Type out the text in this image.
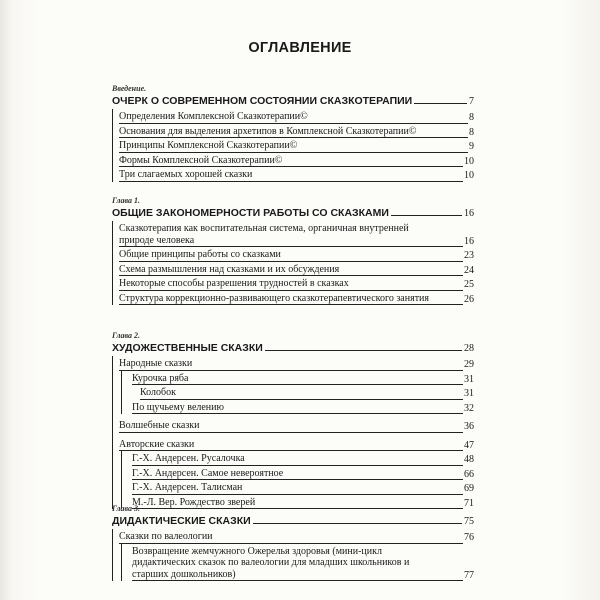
ОГЛАВЛЕНИЕ
Введение.
ОЧЕРК О СОВРЕМЕННОМ СОСТОЯНИИ СКАЗКОТЕРАПИИ	7
Определения Комплексной Сказкотерапии©	8
Основания для выделения архетипов в Комплексной Сказкотерапии©	8
Принципы Комплексной Сказкотерапии©	9
Формы Комплексной Сказкотерапии©	10
Три слагаемых хорошей сказки	10
Глава 1.
ОБЩИЕ ЗАКОНОМЕРНОСТИ РАБОТЫ СО СКАЗКАМИ	16
Сказкотерапия как воспитательная система, органичная внутренней природе человека	16
Общие принципы работы со сказками	23
Схема размышления над сказками и их обсуждения	24
Некоторые способы разрешения трудностей в сказках	25
Структура коррекционно-развивающего сказкотерапевтического занятия	26
Глава 2.
ХУДОЖЕСТВЕННЫЕ СКАЗКИ	28
Народные сказки	29
Курочка ряба	31
Колобок	31
По щучьему велению	32
Волшебные сказки	36
Авторские сказки	47
Г.-Х. Андерсен. Русалочка	48
Г.-Х. Андерсен. Самое невероятное	66
Г.-Х. Андерсен. Талисман	69
М.-Л. Вер. Рождество зверей	71
Глава 3.
ДИДАКТИЧЕСКИЕ СКАЗКИ	75
Сказки по валеологии	76
Возвращение жемчужного Ожерелья здоровья (мини-цикл дидактических сказок по валеологии для младших школьников и старших дошкольников)	77
